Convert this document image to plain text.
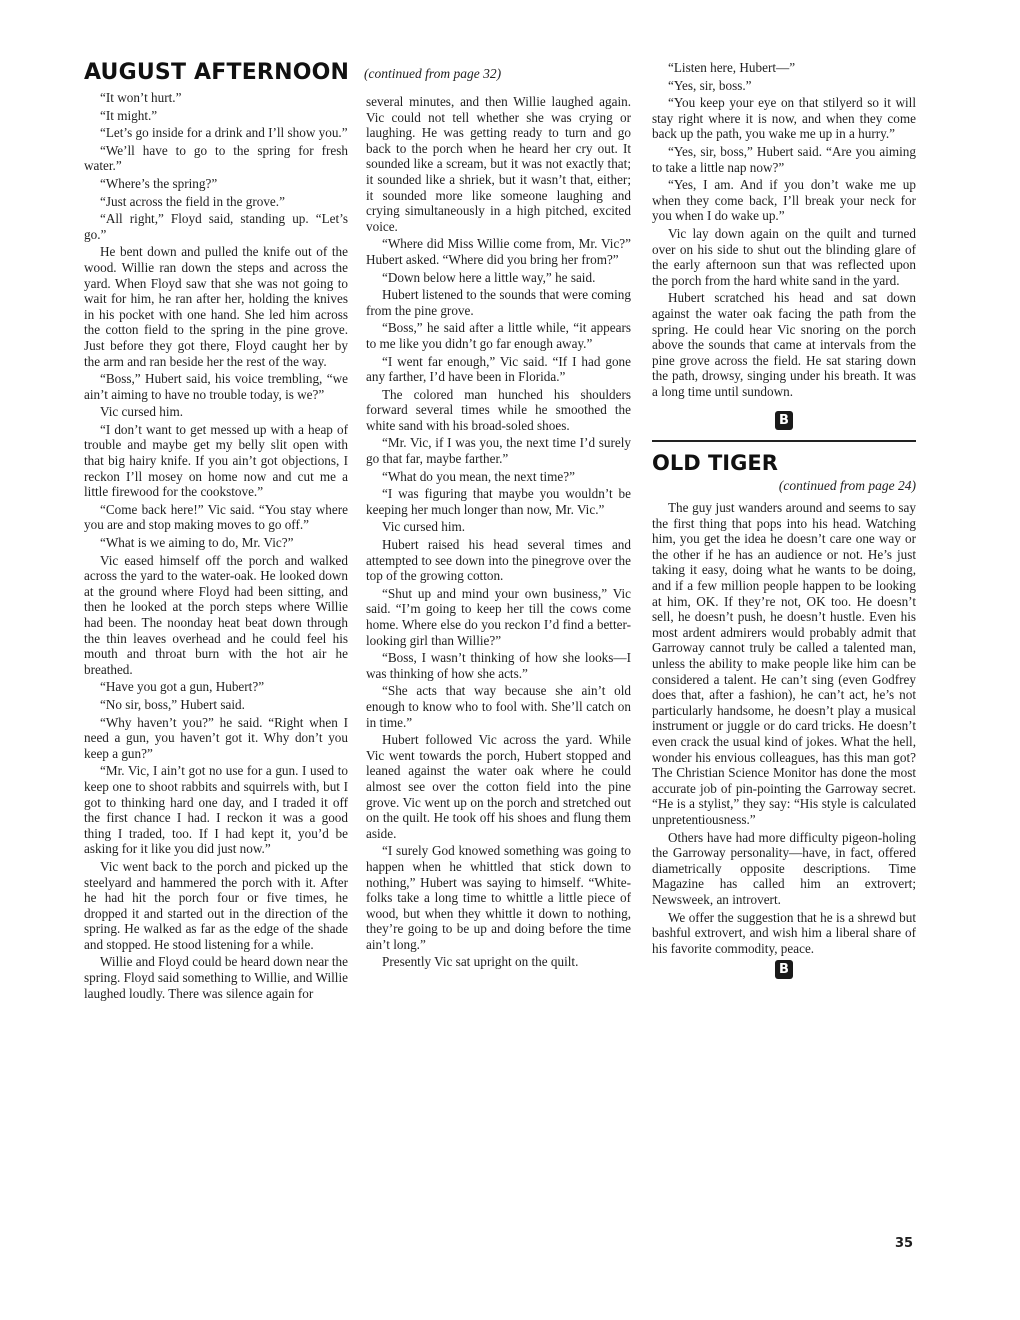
AUGUST AFTERNOON (continued from page 32)

“It won’t hurt.”

“It might.”

“Let’s go inside for a drink and I’ll show you.”

“We’ll have to go to the spring for fresh water.”

“Where’s the spring?”

“Just across the field in the grove.”

“All right,” Floyd said, standing up. “Let’s go.”

He bent down and pulled the knife out of the wood. Willie ran down the steps and across the yard. When Floyd saw that she was not going to wait for him, he ran after her, holding the knives in his pocket with one hand. She led him across the cotton field to the spring in the pine grove. Just before they got there, Floyd caught her by the arm and ran beside her the rest of the way.

“Boss,” Hubert said, his voice trembling, “we ain’t aiming to have no trouble today, is we?”

Vic cursed him.

“I don’t want to get messed up with a heap of trouble and maybe get my belly slit open with that big hairy knife. If you ain’t got objections, I reckon I’ll mosey on home now and cut me a little firewood for the cookstove.”

“Come back here!” Vic said. “You stay where you are and stop making moves to go off.”

“What is we aiming to do, Mr. Vic?”

Vic eased himself off the porch and walked across the yard to the water-oak. He looked down at the ground where Floyd had been sitting, and then he looked at the porch steps where Willie had been. The noonday heat beat down through the thin leaves overhead and he could feel his mouth and throat burn with the hot air he breathed.

“Have you got a gun, Hubert?”

“No sir, boss,” Hubert said.

“Why haven’t you?” he said. “Right when I need a gun, you haven’t got it. Why don’t you keep a gun?”

“Mr. Vic, I ain’t got no use for a gun. I used to keep one to shoot rabbits and squirrels with, but I got to thinking hard one day, and I traded it off the first chance I had. I reckon it was a good thing I traded, too. If I had kept it, you’d be asking for it like you did just now.”

Vic went back to the porch and picked up the steelyard and hammered the porch with it. After he had hit the porch four or five times, he dropped it and started out in the direction of the spring. He walked as far as the edge of the shade and stopped. He stood listening for a while.

Willie and Floyd could be heard down near the spring. Floyd said something to Willie, and Willie laughed loudly. There was silence again for

several minutes, and then Willie laughed again. Vic could not tell whether she was crying or laughing. He was getting ready to turn and go back to the porch when he heard her cry out. It sounded like a scream, but it was not exactly that; it sounded like a shriek, but it wasn’t that, either; it sounded more like someone laughing and crying simultaneously in a high pitched, excited voice.

“Where did Miss Willie come from, Mr. Vic?” Hubert asked. “Where did you bring her from?”

“Down below here a little way,” he said.

Hubert listened to the sounds that were coming from the pine grove.

“Boss,” he said after a little while, “it appears to me like you didn’t go far enough away.”

“I went far enough,” Vic said. “If I had gone any farther, I’d have been in Florida.”

The colored man hunched his shoulders forward several times while he smoothed the white sand with his broad-soled shoes.

“Mr. Vic, if I was you, the next time I’d surely go that far, maybe farther.”

“What do you mean, the next time?”

“I was figuring that maybe you wouldn’t be keeping her much longer than now, Mr. Vic.”

Vic cursed him.

Hubert raised his head several times and attempted to see down into the pinegrove over the top of the growing cotton.

“Shut up and mind your own business,” Vic said. “I’m going to keep her till the cows come home. Where else do you reckon I’d find a better-looking girl than Willie?”

“Boss, I wasn’t thinking of how she looks—I was thinking of how she acts.”

“She acts that way because she ain’t old enough to know who to fool with. She’ll catch on in time.”

Hubert followed Vic across the yard. While Vic went towards the porch, Hubert stopped and leaned against the water oak where he could almost see over the cotton field into the pine grove. Vic went up on the porch and stretched out on the quilt. He took off his shoes and flung them aside.

“I surely God knowed something was going to happen when he whittled that stick down to nothing,” Hubert was saying to himself. “White-folks take a long time to whittle a little piece of wood, but when they whittle it down to nothing, they’re going to be up and doing before the time ain’t long.”

Presently Vic sat upright on the quilt.

“Listen here, Hubert—”

“Yes, sir, boss.”

“You keep your eye on that stilyerd so it will stay right where it is now, and when they come back up the path, you wake me up in a hurry.”

“Yes, sir, boss,” Hubert said. “Are you aiming to take a little nap now?”

“Yes, I am. And if you don’t wake me up when they come back, I’ll break your neck for you when I do wake up.”

Vic lay down again on the quilt and turned over on his side to shut out the blinding glare of the early afternoon sun that was reflected upon the porch from the hard white sand in the yard.

Hubert scratched his head and sat down against the water oak facing the path from the spring. He could hear Vic snoring on the porch above the sounds that came at intervals from the pine grove across the field. He sat staring down the path, drowsy, singing under his breath. It was a long time until sundown.

B
OLD TIGER
(continued from page 24)

The guy just wanders around and seems to say the first thing that pops into his head. Watching him, you get the idea he doesn’t care one way or the other if he has an audience or not. He’s just taking it easy, doing what he wants to be doing, and if a few million people happen to be looking at him, OK. If they’re not, OK too. He doesn’t sell, he doesn’t push, he doesn’t hustle. Even his most ardent admirers would probably admit that Garroway cannot truly be called a talented man, unless the ability to make people like him can be considered a talent. He can’t sing (even Godfrey does that, after a fashion), he can’t act, he’s not particularly handsome, he doesn’t play a musical instrument or juggle or do card tricks. He doesn’t even crack the usual kind of jokes. What the hell, wonder his envious colleagues, has this man got? The Christian Science Monitor has done the most accurate job of pin-pointing the Garroway secret. “He is a stylist,” they say: “His style is calculated unpretentiousness.”

Others have had more difficulty pigeon-holing the Garroway personality—have, in fact, offered diametrically opposite descriptions. Time Magazine has called him an extrovert; Newsweek, an introvert.

We offer the suggestion that he is a shrewd but bashful extrovert, and wish him a liberal share of his favorite commodity, peace.

B
35
